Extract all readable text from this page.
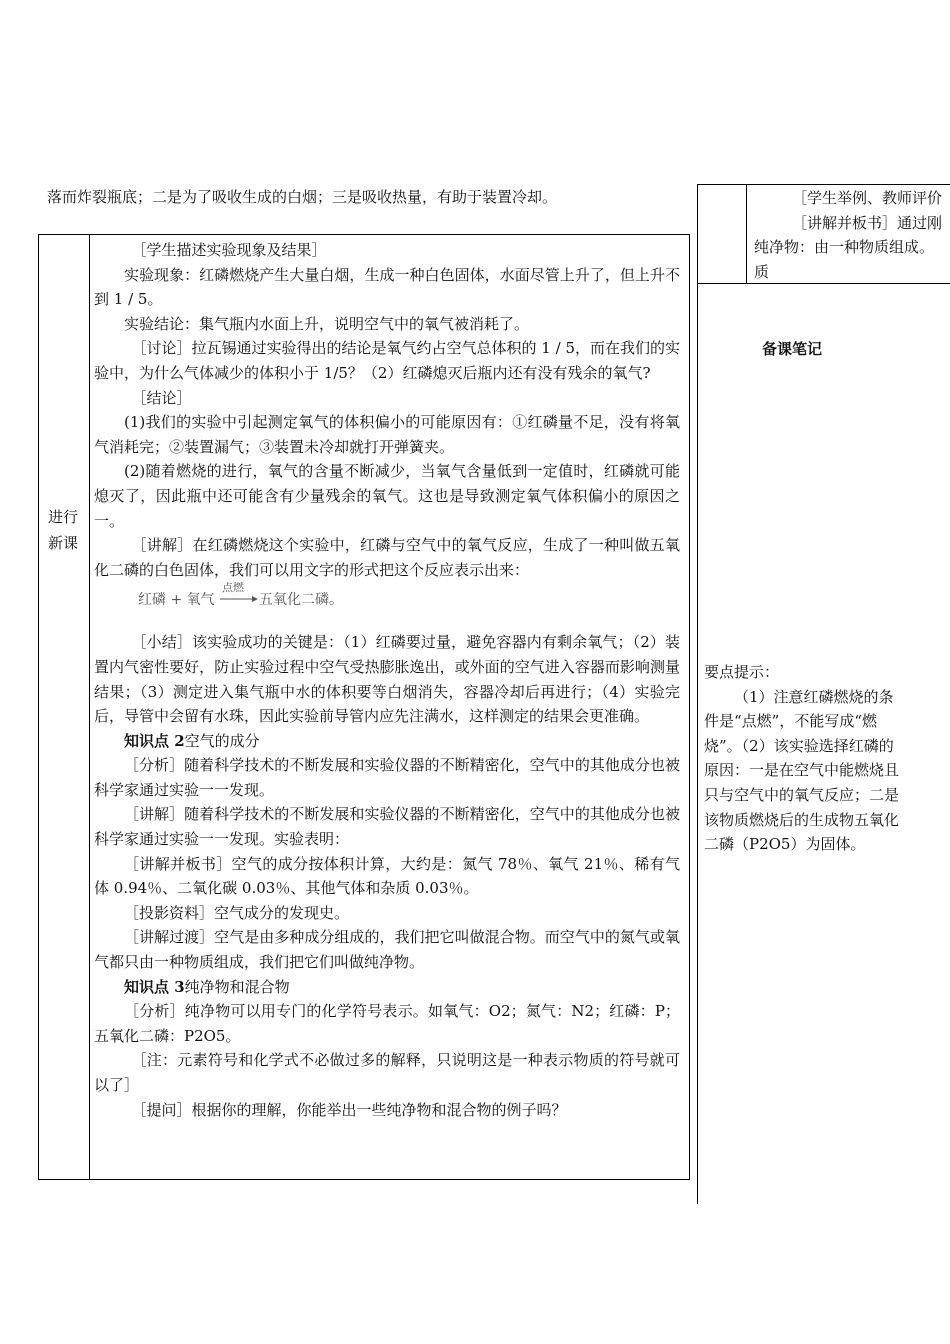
落而炸裂瓶底；二是为了吸收生成的白烟；三是吸收热量，有助于装置冷却。
进行
新课

［学生描述实验现象及结果］

实验现象：红磷燃烧产生大量白烟，生成一种白色固体，水面尽管上升了，但上升不到 1 / 5。

实验结论：集气瓶内水面上升，说明空气中的氧气被消耗了。

［讨论］拉瓦锡通过实验得出的结论是氧气约占空气总体积的 1 / 5，而在我们的实验中，为什么气体减少的体积小于 1/5？（2）红磷熄灭后瓶内还有没有残余的氧气?

［结论］

(1)我们的实验中引起测定氧气的体积偏小的可能原因有：①红磷量不足，没有将氧气消耗完；②装置漏气；③装置未冷却就打开弹簧夹。

(2)随着燃烧的进行，氧气的含量不断减少，当氧气含量低到一定值时，红磷就可能熄灭了，因此瓶中还可能含有少量残余的氧气。这也是导致测定氧气体积偏小的原因之一。

［讲解］在红磷燃烧这个实验中，红磷与空气中的氧气反应，生成了一种叫做五氧化二磷的白色固体，我们可以用文字的形式把这个反应表示出来：

红磷 + 氧气
点燃
五氧化二磷。

［小结］该实验成功的关键是：（1）红磷要过量，避免容器内有剩余氧气；（2）装置内气密性要好，防止实验过程中空气受热膨胀逸出，或外面的空气进入容器而影响测量结果；（3）测定进入集气瓶中水的体积要等白烟消失，容器冷却后再进行；（4）实验完后，导管中会留有水珠，因此实验前导管内应先注满水，这样测定的结果会更准确。

知识点 2空气的成分

［分析］随着科学技术的不断发展和实验仪器的不断精密化，空气中的其他成分也被科学家通过实验一一发现。

［讲解］随着科学技术的不断发展和实验仪器的不断精密化，空气中的其他成分也被科学家通过实验一一发现。实验表明：

［讲解并板书］空气的成分按体积计算，大约是：氮气 78％、氧气 21％、稀有气体 0.94％、二氧化碳 0.03％、其他气体和杂质 0.03％。

［投影资料］空气成分的发现史。

［讲解过渡］空气是由多种成分组成的，我们把它叫做混合物。而空气中的氮气或氧气都只由一种物质组成，我们把它们叫做纯净物。

知识点 3纯净物和混合物

［分析］纯净物可以用专门的化学符号表示。如氧气：O2；氮气：N2；红磷：P；五氧化二磷：P2O5。

［注：元素符号和化学式不必做过多的解释，只说明这是一种表示物质的符号就可以了］

［提问］根据你的理解，你能举出一些纯净物和混合物的例子吗？

［学生举例、教师评价

［讲解并板书］通过刚

纯净物：由一种物质组成。

质

备课笔记

要点提示：

（1）注意红磷燃烧的条件是“点燃”，不能写成“燃烧”。（2）该实验选择红磷的原因：一是在空气中能燃烧且只与空气中的氧气反应；二是该物质燃烧后的生成物五氧化二磷（P2O5）为固体。
